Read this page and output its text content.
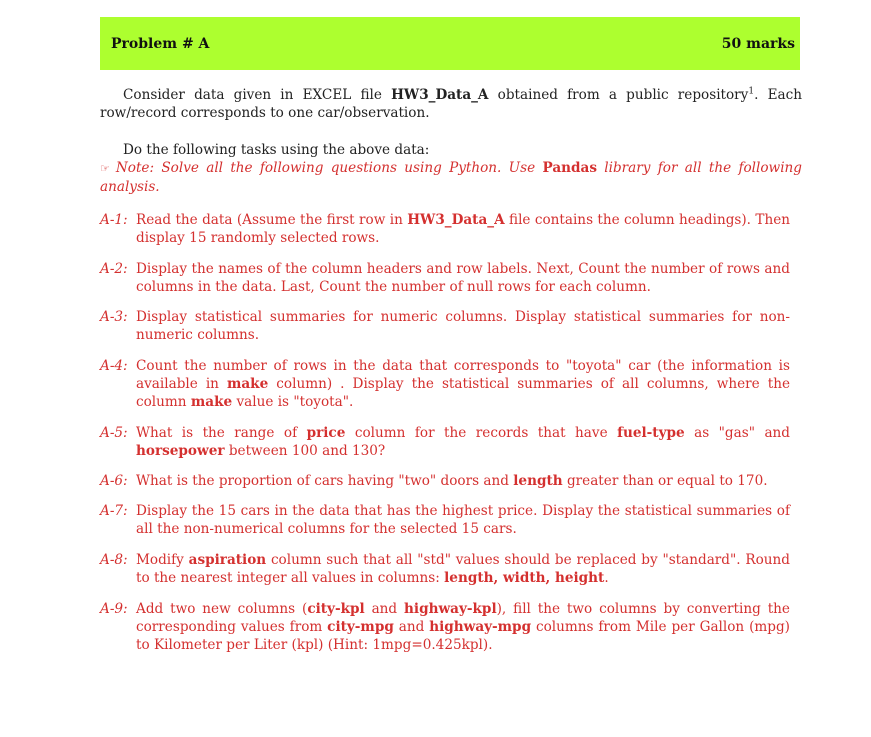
Problem # A	50 marks
Consider data given in EXCEL file HW3_Data_A obtained from a public repository$^1$. Each row/record corresponds to one car/observation.
Do the following tasks using the above data:
☞ Note: Solve all the following questions using Python. Use Pandas library for all the following analysis.
A-1: Read the data (Assume the first row in HW3_Data_A file contains the column headings). Then display 15 randomly selected rows.
A-2: Display the names of the column headers and row labels. Next, Count the number of rows and columns in the data. Last, Count the number of null rows for each column.
A-3: Display statistical summaries for numeric columns. Display statistical summaries for non-numeric columns.
A-4: Count the number of rows in the data that corresponds to "toyota" car (the information is available in make column) . Display the statistical summaries of all columns, where the column make value is "toyota".
A-5: What is the range of price column for the records that have fuel-type as "gas" and horsepower between 100 and 130?
A-6: What is the proportion of cars having "two" doors and length greater than or equal to 170.
A-7: Display the 15 cars in the data that has the highest price. Display the statistical summaries of all the non-numerical columns for the selected 15 cars.
A-8: Modify aspiration column such that all "std" values should be replaced by "standard". Round to the nearest integer all values in columns: length, width, height.
A-9: Add two new columns (city-kpl and highway-kpl), fill the two columns by converting the corresponding values from city-mpg and highway-mpg columns from Mile per Gallon (mpg) to Kilometer per Liter (kpl) (Hint: 1mpg=0.425kpl).
